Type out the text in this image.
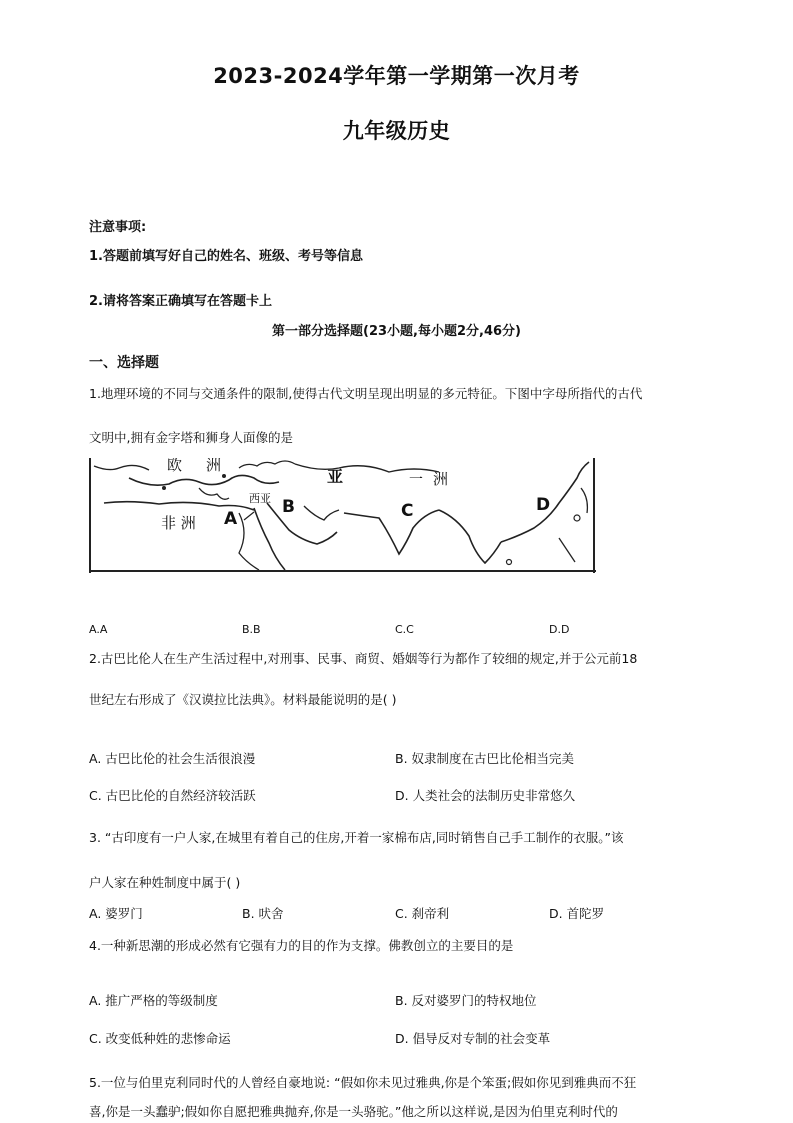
2023-2024学年第一学期第一次月考
九年级历史
注意事项:
1.答题前填写好自己的姓名、班级、考号等信息
2.请将答案正确填写在答题卡上
第一部分选择题(23小题,每小题2分,46分)
一、选择题
1.地理环境的不同与交通条件的限制,使得古代文明呈现出明显的多元特征。下图中字母所指代的古代
文明中,拥有金字塔和狮身人面像的是
欧 洲
亚	一 洲
非 洲
西亚
A
B	C	D
A.A	B.B	C.C	D.D
2.古巴比伦人在生产生活过程中,对刑事、民事、商贸、婚姻等行为都作了较细的规定,并于公元前18
世纪左右形成了《汉谟拉比法典》。材料最能说明的是( )
A. 古巴比伦的社会生活很浪漫	B. 奴隶制度在古巴比伦相当完美
C. 古巴比伦的自然经济较活跃	D. 人类社会的法制历史非常悠久
3. “古印度有一户人家,在城里有着自己的住房,开着一家棉布店,同时销售自己手工制作的衣服。”该
户人家在种姓制度中属于( )
A. 婆罗门	B. 吠舍	C. 刹帝利	D. 首陀罗
4.一种新思潮的形成必然有它强有力的目的作为支撑。佛教创立的主要目的是
A. 推广严格的等级制度	B. 反对婆罗门的特权地位
C. 改变低种姓的悲惨命运	D. 倡导反对专制的社会变革
5.一位与伯里克利同时代的人曾经自豪地说: “假如你未见过雅典,你是个笨蛋;假如你见到雅典而不狂
喜,你是一头蠢驴;假如你自愿把雅典抛弃,你是一头骆驼。”他之所以这样说,是因为伯里克利时代的
